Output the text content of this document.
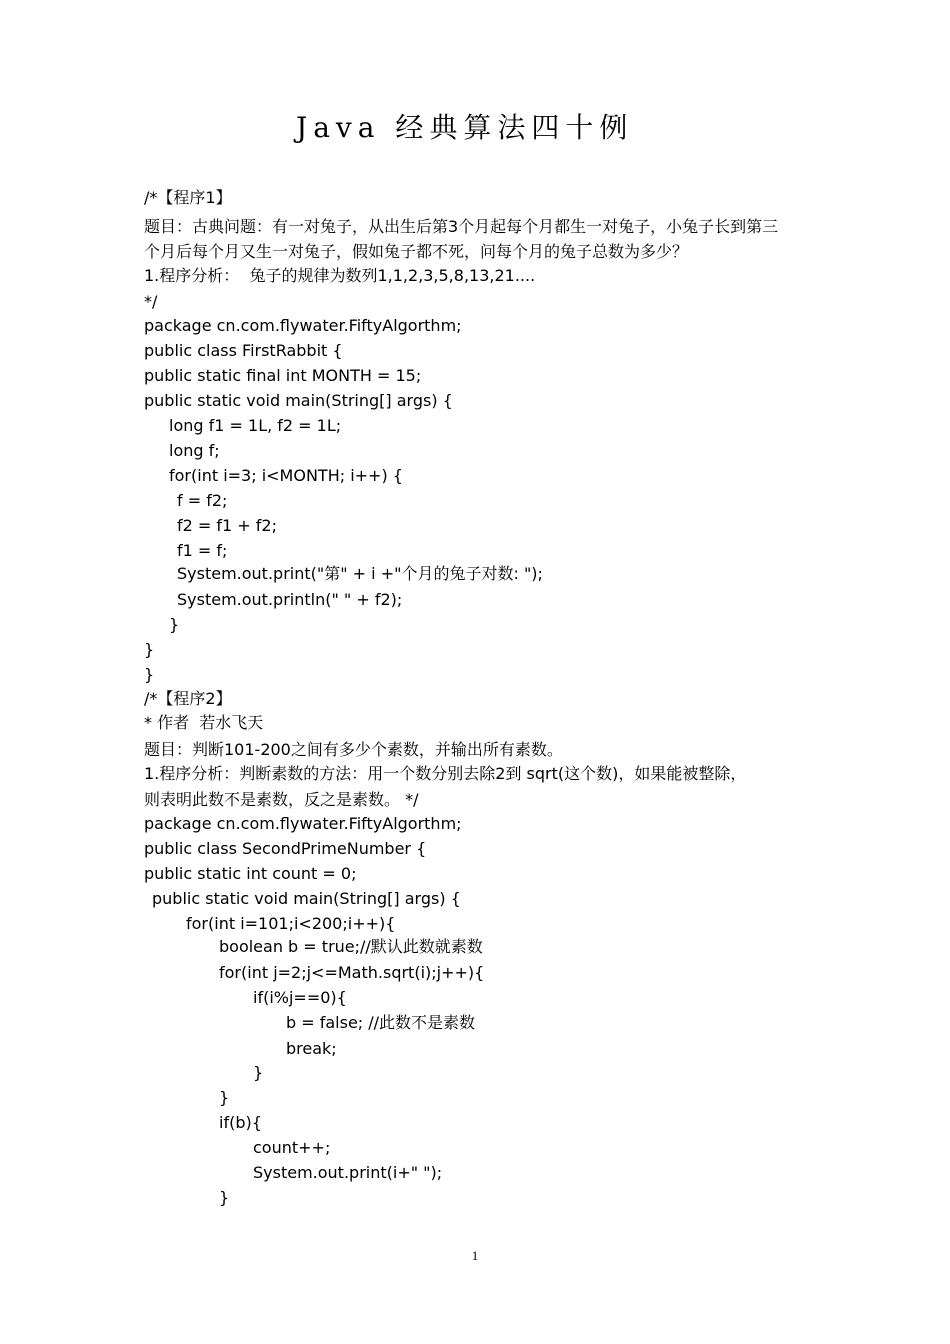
Java 经典算法四十例
/*【程序1】
题目：古典问题：有一对兔子，从出生后第3个月起每个月都生一对兔子，小兔子长到第三
个月后每个月又生一对兔子，假如兔子都不死，问每个月的兔子总数为多少？
1.程序分析：  兔子的规律为数列1,1,2,3,5,8,13,21....
*/
package cn.com.flywater.FiftyAlgorthm;
public class FirstRabbit {
public static final int MONTH = 15;
public static void main(String[] args) {
long f1 = 1L, f2 = 1L;
long f;
for(int i=3; i<MONTH; i++) {
f = f2;
f2 = f1 + f2;
f1 = f;
System.out.print("第" + i +"个月的兔子对数: ");
System.out.println(" " + f2);
}
}
}
/*【程序2】
* 作者  若水飞天
题目：判断101-200之间有多少个素数，并输出所有素数。
1.程序分析：判断素数的方法：用一个数分别去除2到 sqrt(这个数)，如果能被整除，
则表明此数不是素数，反之是素数。 */
package cn.com.flywater.FiftyAlgorthm;
public class SecondPrimeNumber {
public static int count = 0;
public static void main(String[] args) {
for(int i=101;i<200;i++){
boolean b = true;//默认此数就素数
for(int j=2;j<=Math.sqrt(i);j++){
if(i%j==0){
b = false; //此数不是素数
break;
}
}
if(b){
count++;
System.out.print(i+" ");
}
1
